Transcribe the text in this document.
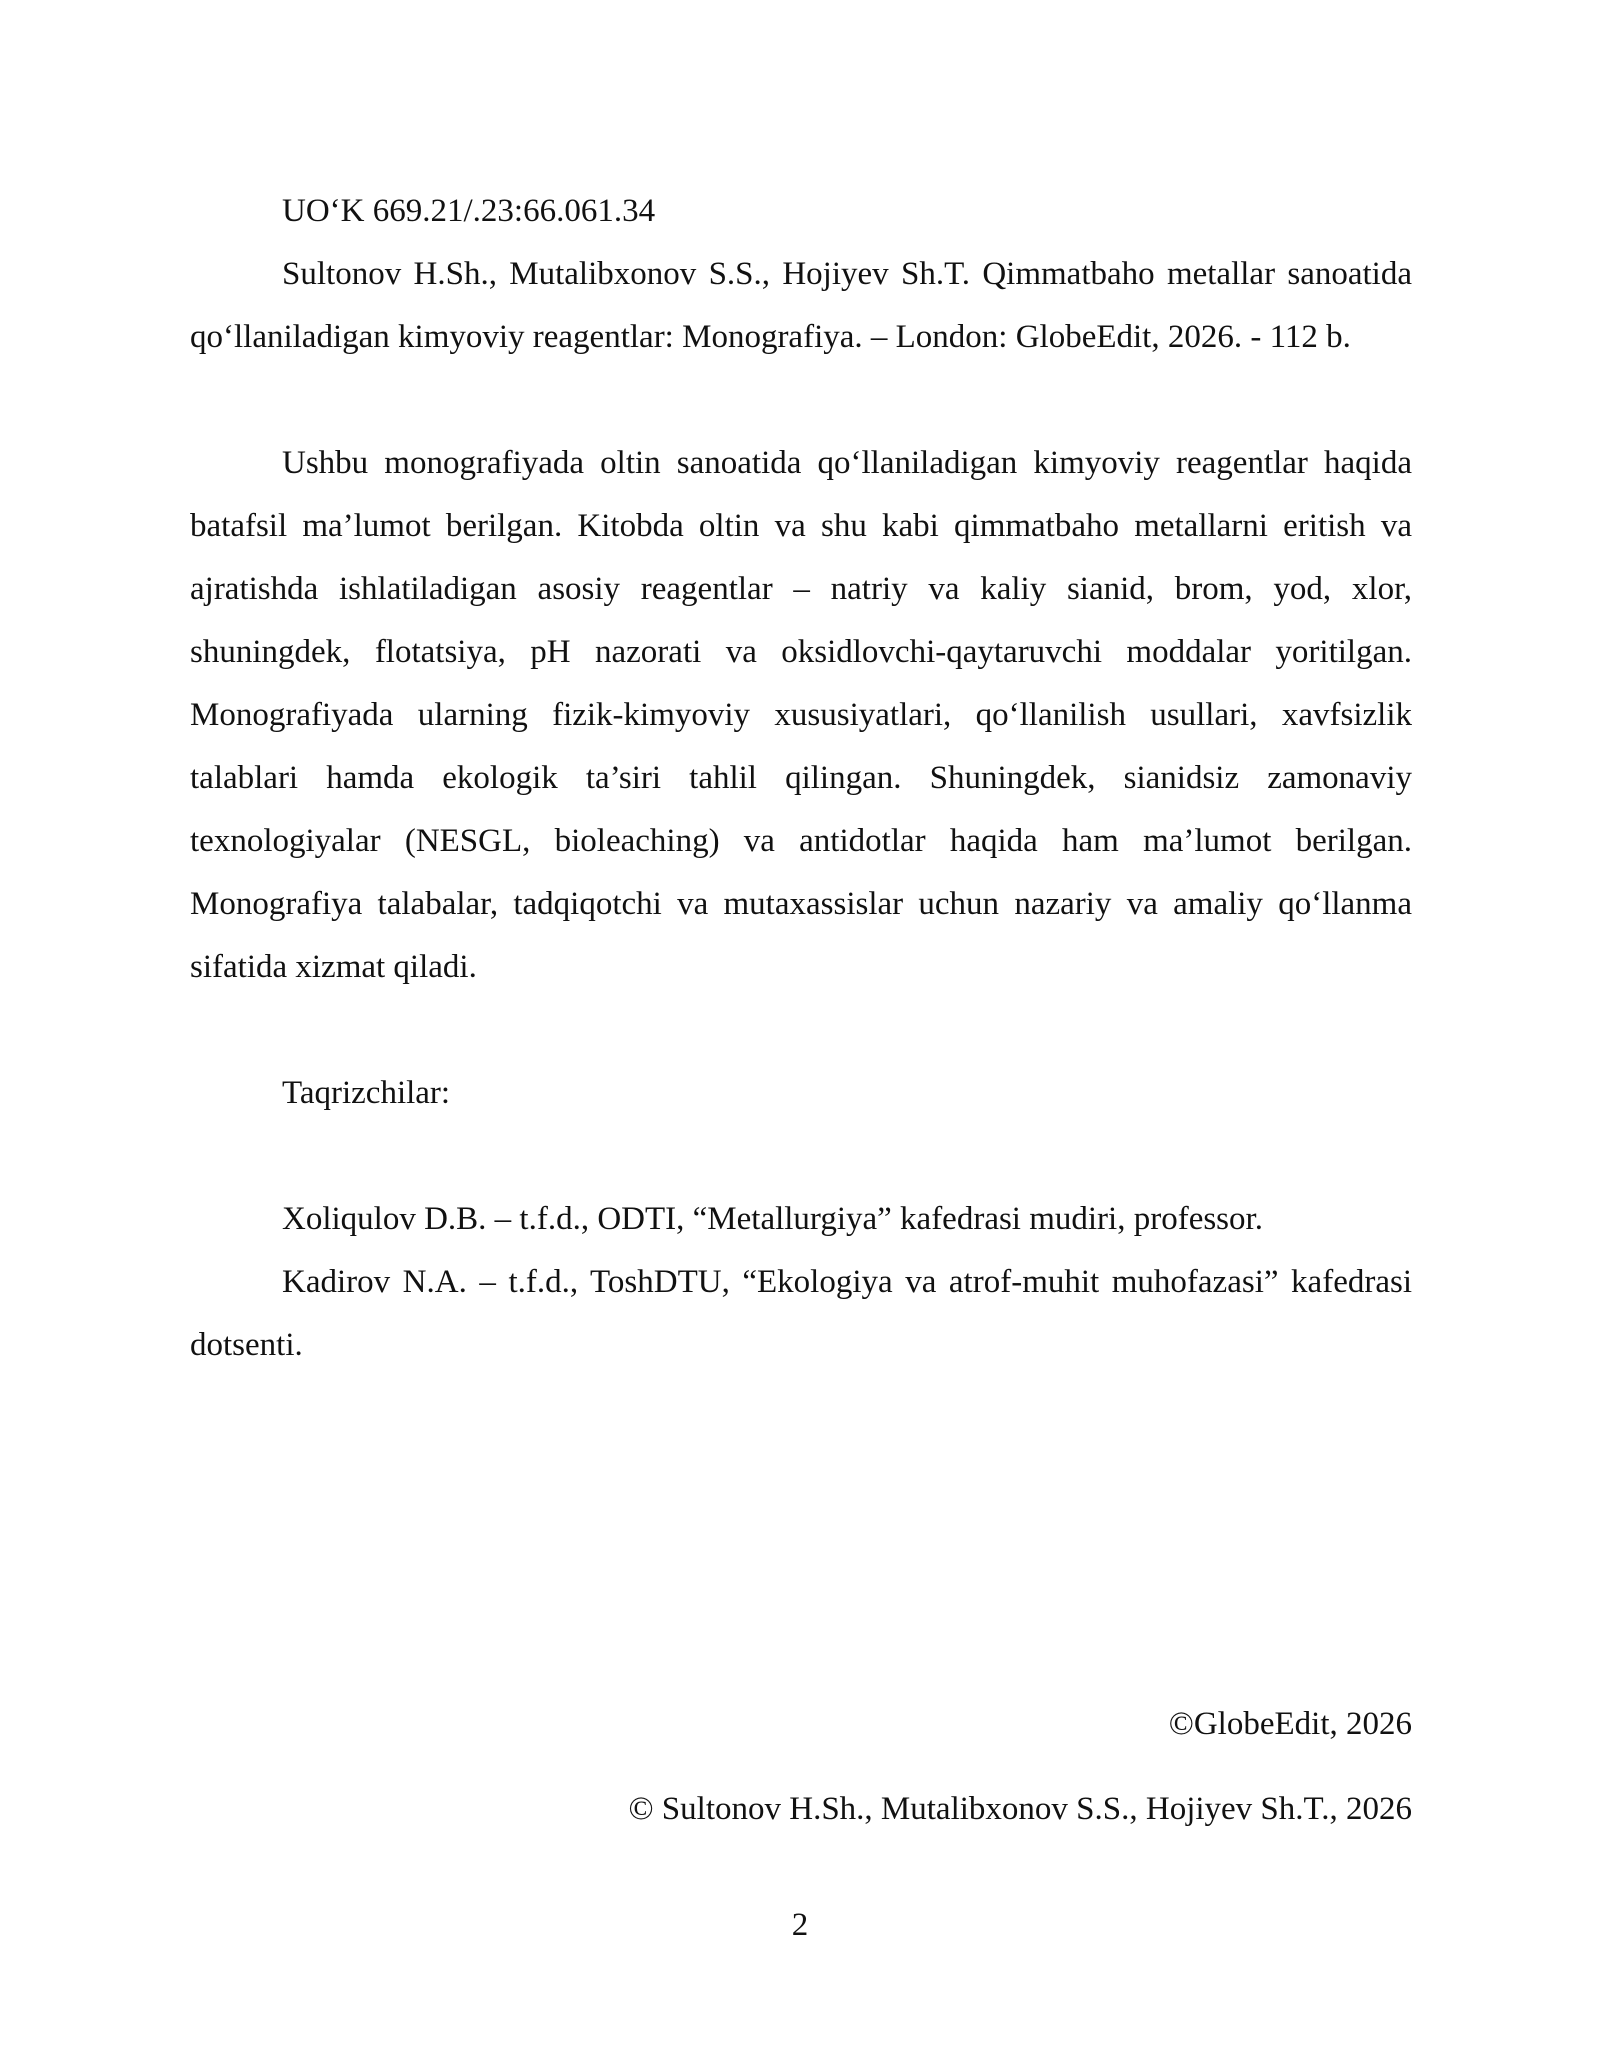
UO‘K 669.21/.23:66.061.34

Sultonov H.Sh., Mutalibxonov S.S., Hojiyev Sh.T. Qimmatbaho metallar sanoatida qo‘llaniladigan kimyoviy reagentlar: Monografiya. – London: GlobeEdit, 2026. - 112 b.

Ushbu monografiyada oltin sanoatida qo‘llaniladigan kimyoviy reagentlar haqida batafsil ma’lumot berilgan. Kitobda oltin va shu kabi qimmatbaho metallarni eritish va ajratishda ishlatiladigan asosiy reagentlar – natriy va kaliy sianid, brom, yod, xlor, shuningdek, flotatsiya, pH nazorati va oksidlovchi-qaytaruvchi moddalar yoritilgan. Monografiyada ularning fizik-kimyoviy xususiyatlari, qo‘llanilish usullari, xavfsizlik talablari hamda ekologik ta’siri tahlil qilingan. Shuningdek, sianidsiz zamonaviy texnologiyalar (NESGL, bioleaching) va antidotlar haqida ham ma’lumot berilgan. Monografiya talabalar, tadqiqotchi va mutaxassislar uchun nazariy va amaliy qo‘llanma sifatida xizmat qiladi.

Taqrizchilar:

Xoliqulov D.B. – t.f.d., ODTI, “Metallurgiya” kafedrasi mudiri, professor.

Kadirov N.A. – t.f.d., ToshDTU, “Ekologiya va atrof-muhit muhofazasi” kafedrasi dotsenti.

©GlobeEdit, 2026
© Sultonov H.Sh., Mutalibxonov S.S., Hojiyev Sh.T., 2026
2
